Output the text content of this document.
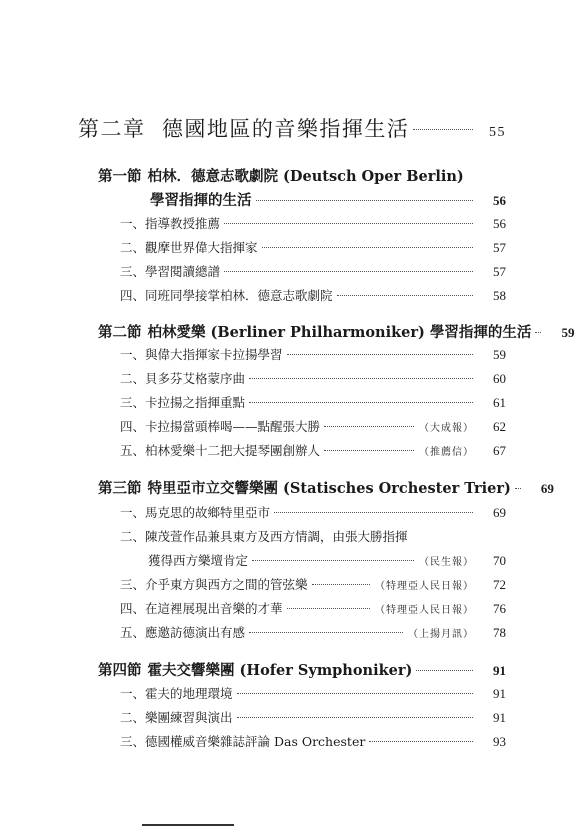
第二章 德國地區的音樂指揮生活	55
第一節 柏林．德意志歌劇院 (Deutsch Oper Berlin)
學習指揮的生活	56
一、指導教授推薦	56
二、觀摩世界偉大指揮家	57
三、學習閱讀總譜	57
四、同班同學接掌柏林．德意志歌劇院	58
第二節 柏林愛樂 (Berliner Philharmoniker) 學習指揮的生活	59
一、與偉大指揮家卡拉揚學習	59
二、貝多芬艾格蒙序曲	60
三、卡拉揚之指揮重點	61
四、卡拉揚當頭棒喝——點醒張大勝	（大成報）	62
五、柏林愛樂十二把大提琴團創辦人	（推薦信）	67
第三節 特里亞市立交響樂團 (Statisches Orchester Trier)	69
一、馬克思的故鄉特里亞市	69
二、陳茂萱作品兼具東方及西方情調，由張大勝指揮
獲得西方樂壇肯定	（民生報）	70
三、介乎東方與西方之間的管弦樂	（特理亞人民日報）	72
四、在這裡展現出音樂的才華	（特理亞人民日報）	76
五、應邀訪德演出有感	（上揚月訊）	78
第四節 霍夫交響樂團 (Hofer Symphoniker)	91
一、霍夫的地理環境	91
二、樂團練習與演出	91
三、德國權威音樂雜誌評論 Das Orchester	93
